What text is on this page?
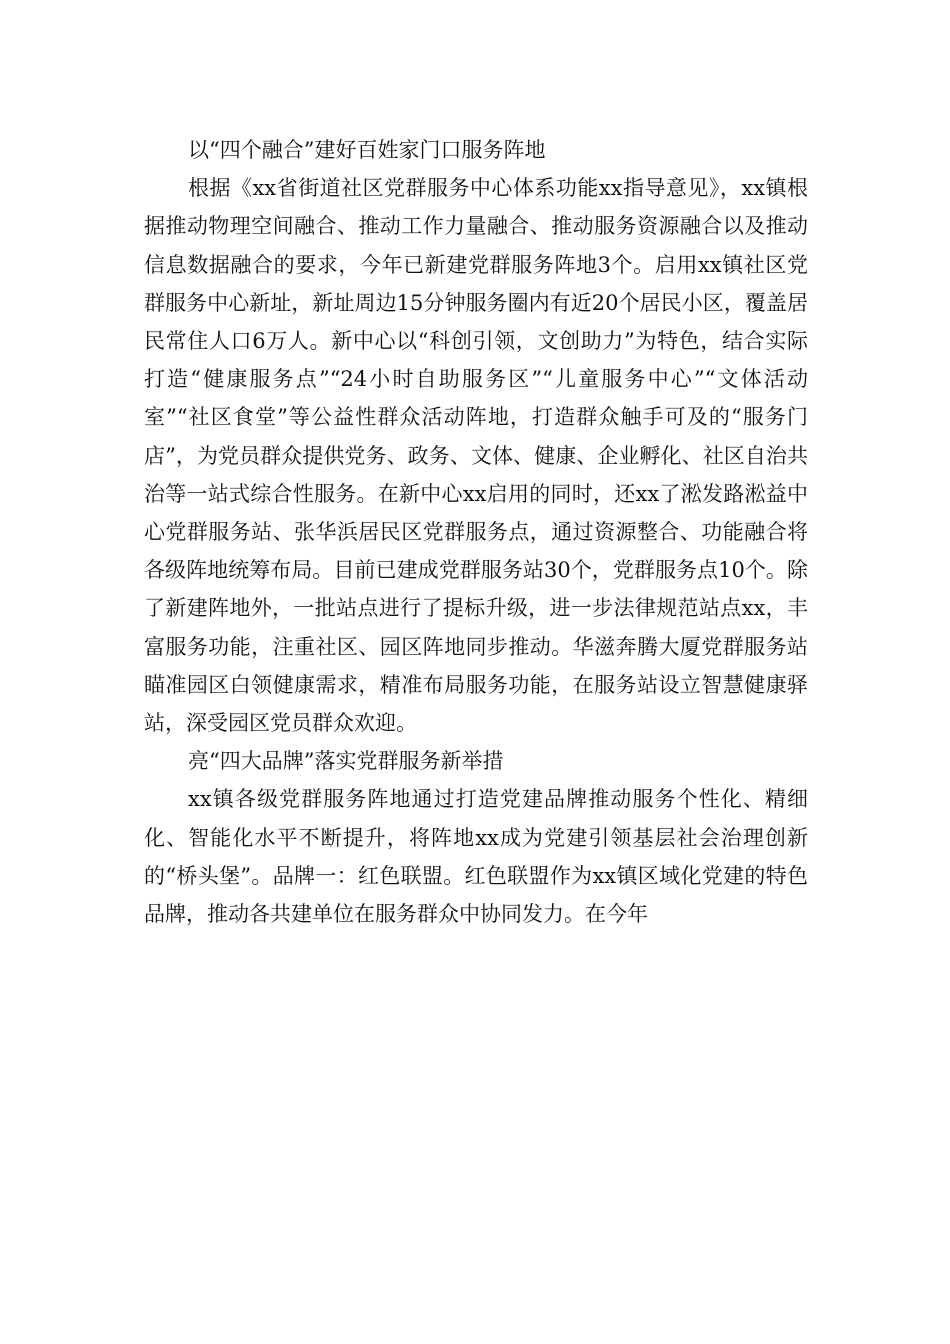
以“四个融合”建好百姓家门口服务阵地

根据《xx省街道社区党群服务中心体系功能xx指导意见》，xx镇根据推动物理空间融合、推动工作力量融合、推动服务资源融合以及推动信息数据融合的要求，今年已新建党群服务阵地3个。启用xx镇社区党群服务中心新址，新址周边15分钟服务圈内有近20个居民小区，覆盖居民常住人口6万人。新中心以“科创引领，文创助力”为特色，结合实际打造“健康服务点”“24小时自助服务区”“儿童服务中心”“文体活动室”“社区食堂”等公益性群众活动阵地，打造群众触手可及的“服务门店”，为党员群众提供党务、政务、文体、健康、企业孵化、社区自治共治等一站式综合性服务。在新中心xx启用的同时，还xx了淞发路淞益中心党群服务站、张华浜居民区党群服务点，通过资源整合、功能融合将各级阵地统筹布局。目前已建成党群服务站30个，党群服务点10个。除了新建阵地外，一批站点进行了提标升级，进一步法律规范站点xx，丰富服务功能，注重社区、园区阵地同步推动。华滋奔腾大厦党群服务站瞄准园区白领健康需求，精准布局服务功能，在服务站设立智慧健康驿站，深受园区党员群众欢迎。

亮“四大品牌”落实党群服务新举措

xx镇各级党群服务阵地通过打造党建品牌推动服务个性化、精细化、智能化水平不断提升，将阵地xx成为党建引领基层社会治理创新的“桥头堡”。品牌一：红色联盟。红色联盟作为xx镇区域化党建的特色品牌，推动各共建单位在服务群众中协同发力。在今年
